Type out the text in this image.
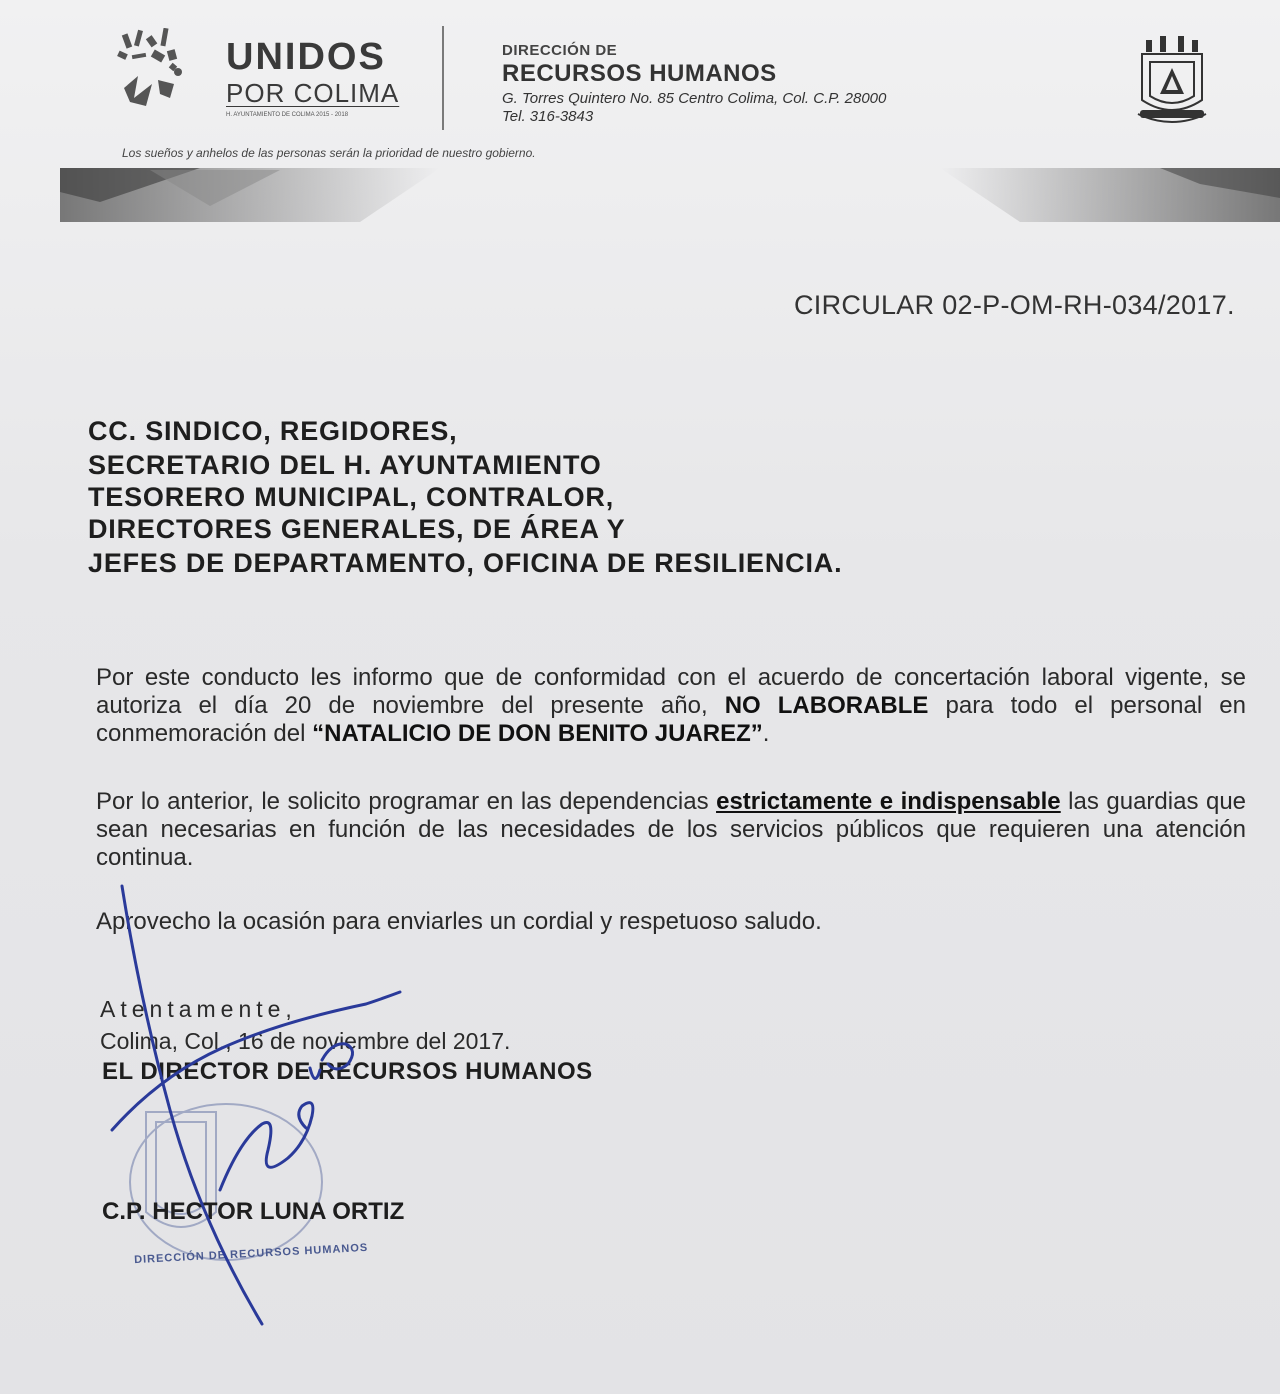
UNIDOS
POR COLIMA
H. AYUNTAMIENTO DE COLIMA 2015 - 2018
DIRECCIÓN DE
RECURSOS HUMANOS
G. Torres Quintero No. 85 Centro Colima, Col. C.P. 28000
Tel. 316-3843
Los sueños y anhelos de las personas serán la prioridad de nuestro gobierno.
CIRCULAR 02-P-OM-RH-034/2017.
CC. SINDICO, REGIDORES,
SECRETARIO DEL H. AYUNTAMIENTO
TESORERO MUNICIPAL, CONTRALOR,
DIRECTORES GENERALES, DE ÁREA Y
JEFES DE DEPARTAMENTO, OFICINA DE RESILIENCIA.
Por este conducto les informo que de conformidad con el acuerdo de concertación laboral vigente, se autoriza el día 20 de noviembre del presente año, NO LABORABLE para todo el personal en conmemoración del “NATALICIO DE DON BENITO JUAREZ”.
Por lo anterior, le solicito programar en las dependencias estrictamente e indispensable las guardias que sean necesarias en función de las necesidades de los servicios públicos que requieren una atención continua.
Aprovecho la ocasión para enviarles un cordial y respetuoso saludo.
Atentamente,
Colima, Col., 16 de noviembre del 2017.
EL DIRECTOR DE RECURSOS HUMANOS
DIRECCIÓN DE RECURSOS HUMANOS
C.P. HECTOR LUNA ORTIZ
